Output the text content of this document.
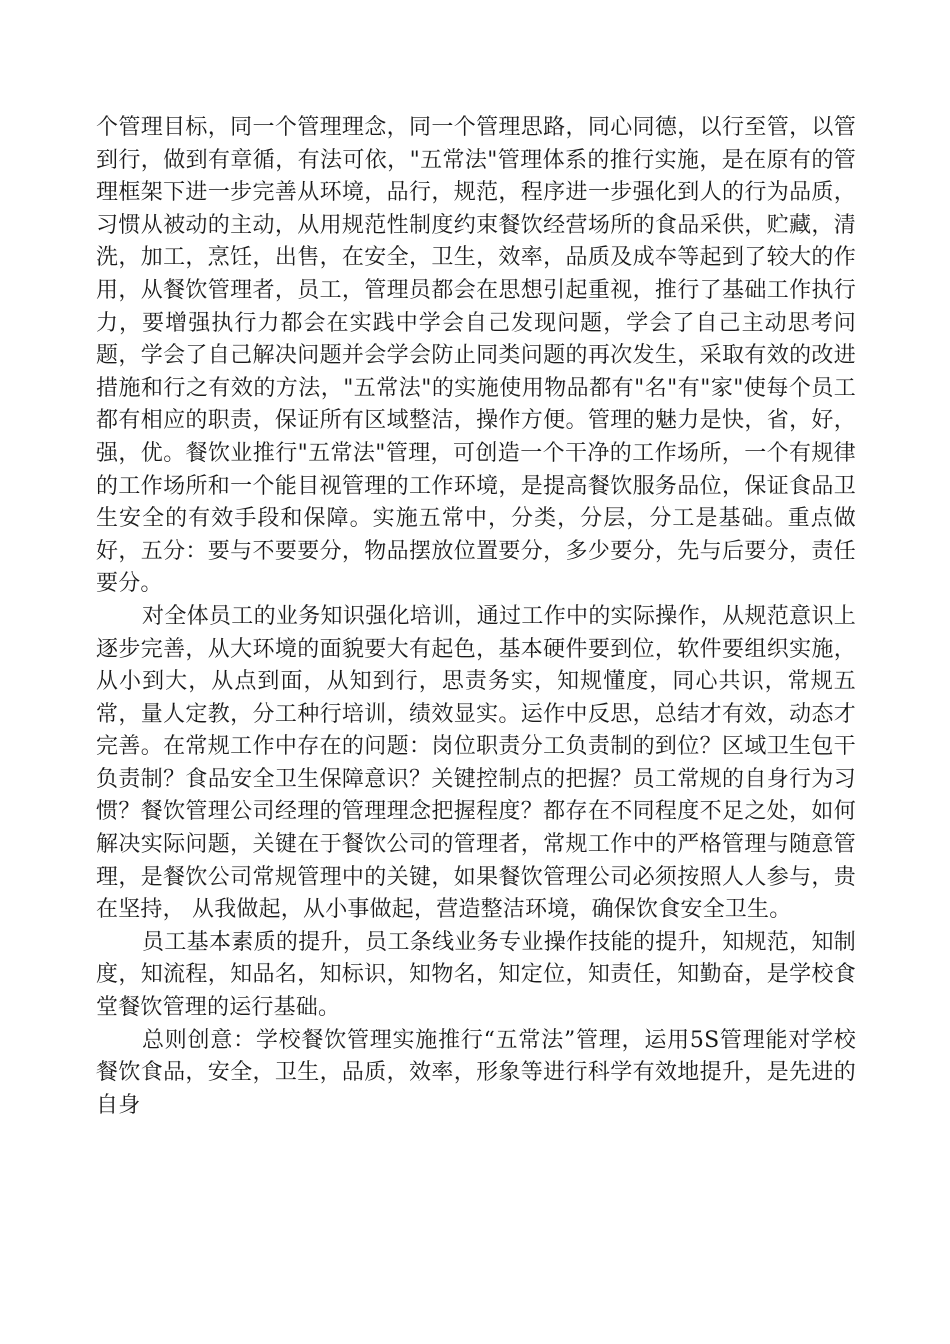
个管理目标，同一个管理理念，同一个管理思路，同心同德，以行至管，以管到行，做到有章循，有法可依，"五常法"管理体系的推行实施，是在原有的管理框架下进一步完善从环境，品行，规范，程序进一步强化到人的行为品质，习惯从被动的主动，从用规范性制度约束餐饮经营场所的食品采供，贮藏，清洗，加工，烹饪，出售，在安全，卫生，效率，品质及成夲等起到了较大的作用，从餐饮管理者，员工，管理员都会在思想引起重视，推行了基础工作执行力，要增强执行力都会在实践中学会自己发现问题，学会了自己主动思考问题，学会了自己解决问题并会学会防止同类问题的再次发生，采取有效的改进措施和行之有效的方法，"五常法"的实施使用物品都有"名"有"家"使每个员工都有相应的职责，保证所有区域整洁，操作方便。管理的魅力是快，省，好，强，优。餐饮业推行"五常法"管理，可创造一个干净的工作场所，一个有规律的工作场所和一个能目视管理的工作环境，是提高餐饮服务品位，保证食品卫生安全的有效手段和保障。实施五常中，分类，分层，分工是基础。重点做好，五分：要与不要要分，物品摆放位置要分，多少要分，先与后要分，责任要分。

对全体员工的业务知识强化培训，通过工作中的实际操作，从规范意识上逐步完善，从大环境的面貌要大有起色，基本硬件要到位，软件要组织实施，从小到大，从点到面，从知到行，思责务实，知规懂度，同心共识，常规五常，量人定教，分工种行培训，绩效显实。运作中反思，总结才有效，动态才完善。在常规工作中存在的问题：岗位职责分工负责制的到位？区域卫生包干负责制？食品安全卫生保障意识？关键控制点的把握？员工常规的自身行为习惯？餐饮管理公司经理的管理理念把握程度？都存在不同程度不足之处，如何解决实际问题，关键在于餐饮公司的管理者，常规工作中的严格管理与随意管理，是餐饮公司常规管理中的关键，如果餐饮管理公司必须按照人人参与，贵在坚持， 从我做起，从小事做起，营造整洁环境，确保饮食安全卫生。

员工基本素质的提升，员工条线业务专业操作技能的提升，知规范，知制度，知流程，知品名，知标识，知物名，知定位，知责任，知勤奋，是学校食堂餐饮管理的运行基础。

总则创意：学校餐饮管理实施推行“五常法”管理，运用5S管理能对学校餐饮食品，安全，卫生，品质，效率，形象等进行科学有效地提升，是先进的自身
